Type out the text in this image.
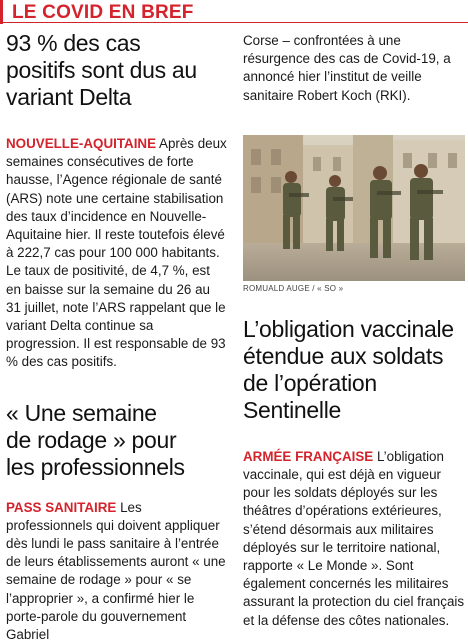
LE COVID EN BREF
93 % des cas positifs sont dus au variant Delta

NOUVELLE-AQUITAINE Après deux semaines consécutives de forte hausse, l’Agence régionale de santé (ARS) note une certaine stabilisation des taux d’incidence en Nouvelle-Aquitaine hier. Il reste toutefois élevé à 222,7 cas pour 100 000 habitants. Le taux de positivité, de 4,7 %, est en baisse sur la semaine du 26 au 31 juillet, note l’ARS rappelant que le variant Delta continue sa progression. Il est responsable de 93 % des cas positifs.

« Une semaine de rodage » pour les professionnels

PASS SANITAIRE Les professionnels qui doivent appliquer dès lundi le pass sanitaire à l’entrée de leurs établissements auront « une semaine de rodage » pour « se l’approprier », a confirmé hier le porte-parole du gouvernement Gabriel

Corse – confrontées à une résurgence des cas de Covid-19, a annoncé hier l’institut de veille sanitaire Robert Koch (RKI).

ROMUALD AUGE / « SO »
L’obligation vaccinale étendue aux soldats de l’opération Sentinelle

ARMÉE FRANÇAISE L’obligation vaccinale, qui est déjà en vigueur pour les soldats déployés sur les théâtres d’opérations extérieures, s’étend désormais aux militaires déployés sur le territoire national, rapporte « Le Monde ». Sont également concernés les militaires assurant la protection du ciel français et la défense des côtes nationales.
